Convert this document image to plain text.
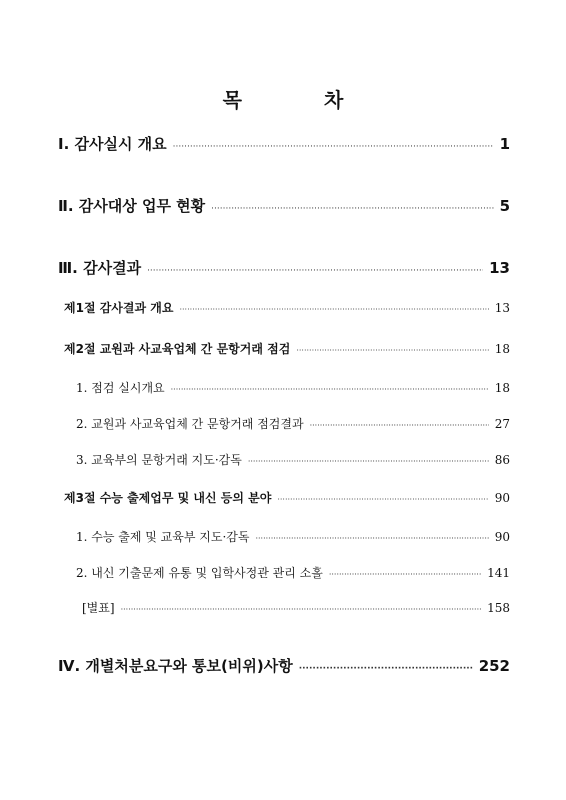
목	차
Ⅰ. 감사실시 개요 ·····	1
Ⅱ. 감사대상 업무 현황 ·····	5
Ⅲ. 감사결과 ·····	13
제1절 감사결과 개요 ·····	13
제2절 교원과 사교육업체 간 문항거래 점검 ·····	18
1. 점검 실시개요 ·····	18
2. 교원과 사교육업체 간 문항거래 점검결과 ·····	27
3. 교육부의 문항거래 지도·감독 ·····	86
제3절 수능 출제업무 및 내신 등의 분야 ·····	90
1. 수능 출제 및 교육부 지도·감독 ·····	90
2. 내신 기출문제 유통 및 입학사정관 관리 소홀 ·····	141
[별표] ·····	158
Ⅳ. 개별처분요구와 통보(비위)사항 ·····	252
